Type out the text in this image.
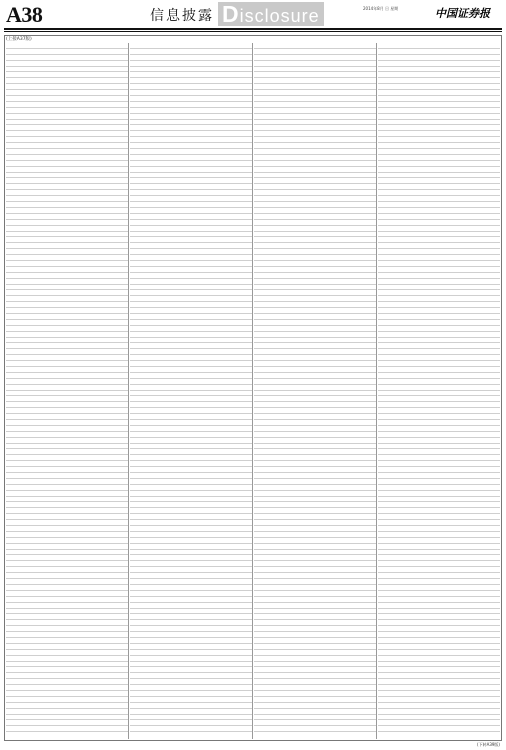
A38	信息披露 Disclosure	2014年8月 日 星期	中国证券报
(上接A37版)
(下转A39版)
